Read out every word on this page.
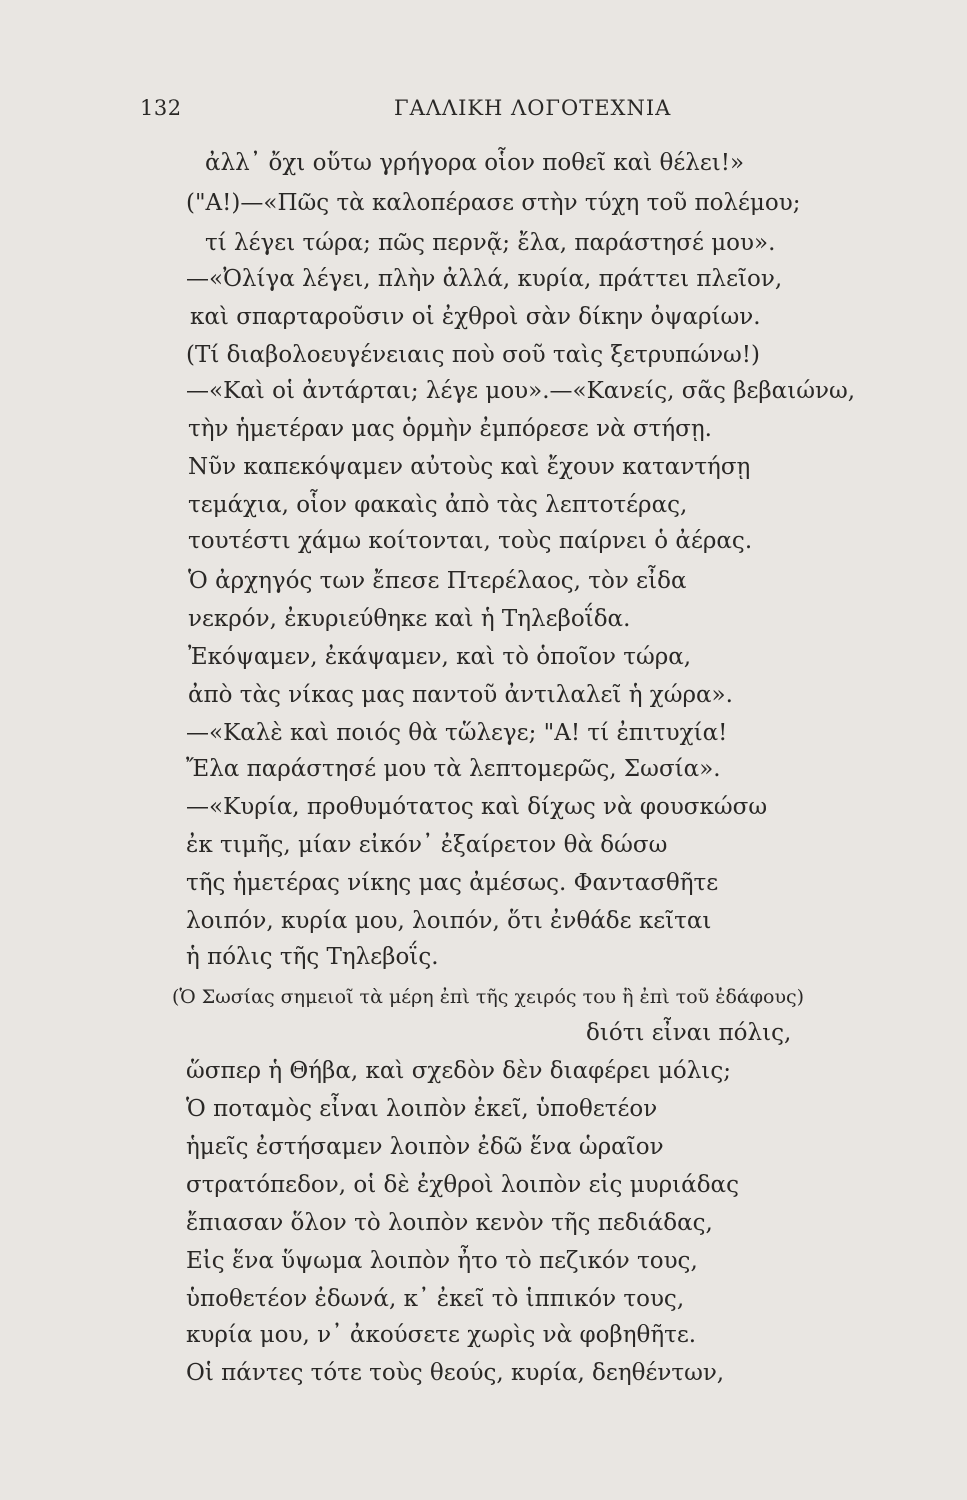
132	ΓΑΛΛΙΚΗ ΛΟΓΟΤΕΧΝΙΑ
ἀλλ᾽ ὄχι οὕτω γρήγορα οἷον ποθεῖ καὶ θέλει!»
("Α!)—«Πῶς τὰ καλοπέρασε στὴν τύχη τοῦ πολέμου;
τί λέγει τώρα; πῶς περνᾷ; ἔλα, παράστησέ μου».
—«Ὀλίγα λέγει, πλὴν ἀλλά, κυρία, πράττει πλεῖον,
καὶ σπαρταροῦσιν οἱ ἐχθροὶ σὰν δίκην ὀψαρίων.
(Τί διαβολοευγένειαις ποὺ σοῦ ταὶς ξετρυπώνω!)
—«Καὶ οἱ ἀντάρται; λέγε μου».—«Κανείς, σᾶς βεβαιώνω,
τὴν ἡμετέραν μας ὁρμὴν ἐμπόρεσε νὰ στήσῃ.
Νῦν καπεκόψαμεν αὐτοὺς καὶ ἔχουν καταντήσῃ
τεμάχια, οἷον φακαὶς ἀπὸ τὰς λεπτοτέρας,
τουτέστι χάμω κοίτονται, τοὺς παίρνει ὁ ἀέρας.
Ὁ ἀρχηγός των ἔπεσε Πτερέλαος, τὸν εἶδα
νεκρόν, ἐκυριεύθηκε καὶ ἡ Τηλεβοΐδα.
Ἐκόψαμεν, ἐκάψαμεν, καὶ τὸ ὁποῖον τώρα,
ἀπὸ τὰς νίκας μας παντοῦ ἀντιλαλεῖ ἡ χώρα».
—«Καλὲ καὶ ποιός θὰ τὥλεγε; "Α! τί ἐπιτυχία!
Ἔλα παράστησέ μου τὰ λεπτομερῶς, Σωσία».
—«Κυρία, προθυμότατος καὶ δίχως νὰ φουσκώσω
ἐκ τιμῆς, μίαν εἰκόν᾽ ἐξαίρετον θὰ δώσω
τῆς ἡμετέρας νίκης μας ἀμέσως. Φαντασθῆτε
λοιπόν, κυρία μου, λοιπόν, ὅτι ἐνθάδε κεῖται
ἡ πόλις τῆς Τηλεβοΐς.
(Ὁ Σωσίας σημειοῖ τὰ μέρη ἐπὶ τῆς χειρός του ἢ ἐπὶ τοῦ ἐδάφους)
διότι εἶναι πόλις,
ὥσπερ ἡ Θήβα, καὶ σχεδὸν δὲν διαφέρει μόλις;
Ὁ ποταμὸς εἶναι λοιπὸν ἐκεῖ, ὑποθετέον
ἡμεῖς ἐστήσαμεν λοιπὸν ἐδῶ ἕνα ὡραῖον
στρατόπεδον, οἱ δὲ ἐχθροὶ λοιπὸν εἰς μυριάδας
ἔπιασαν ὅλον τὸ λοιπὸν κενὸν τῆς πεδιάδας,
Εἰς ἕνα ὕψωμα λοιπὸν ἦτο τὸ πεζικόν τους,
ὑποθετέον ἐδωνά, κ᾽ ἐκεῖ τὸ ἱππικόν τους,
κυρία μου, ν᾽ ἀκούσετε χωρὶς νὰ φοβηθῆτε.
Οἱ πάντες τότε τοὺς θεούς, κυρία, δεηθέντων,
